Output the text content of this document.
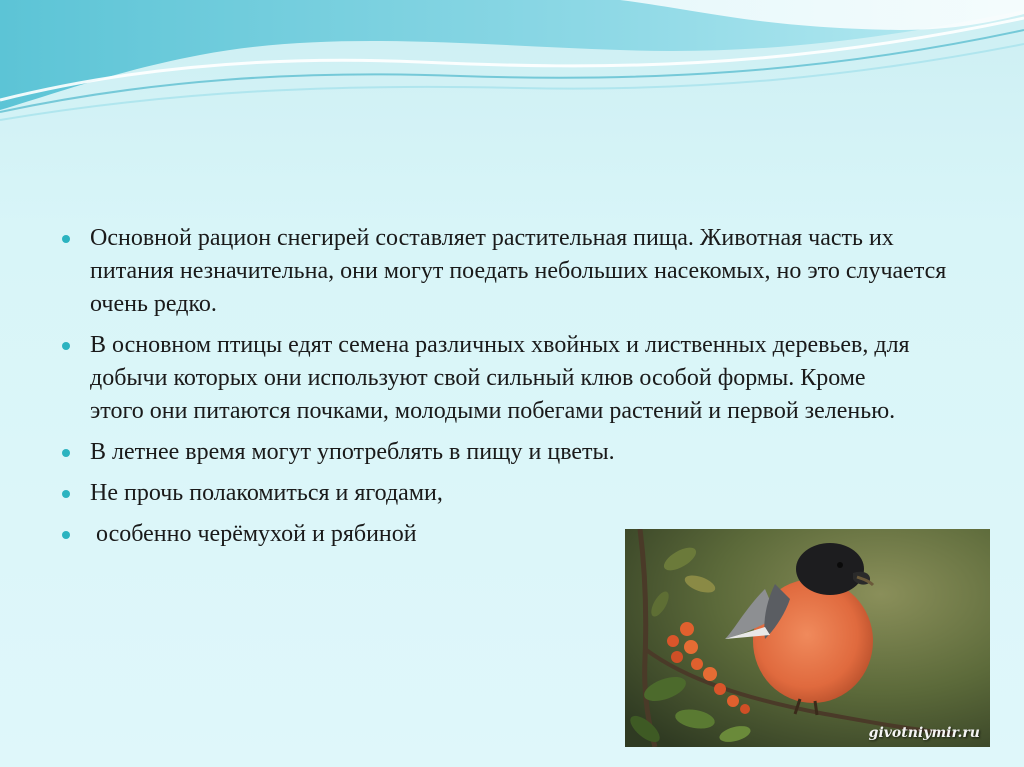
Основной рацион снегирей составляет растительная пища. Животная часть их питания незначительна, они могут поедать небольших насекомых, но это случается очень редко.
В основном птицы едят семена различных хвойных и лиственных деревьев, для добычи которых они используют свой сильный клюв особой формы. Кроме этого они питаются почками, молодыми побегами растений и первой зеленью.
В летнее время могут употреблять в пищу и цветы.
Не прочь полакомиться и ягодами,
особенно черёмухой и рябиной
givotniymir.ru
